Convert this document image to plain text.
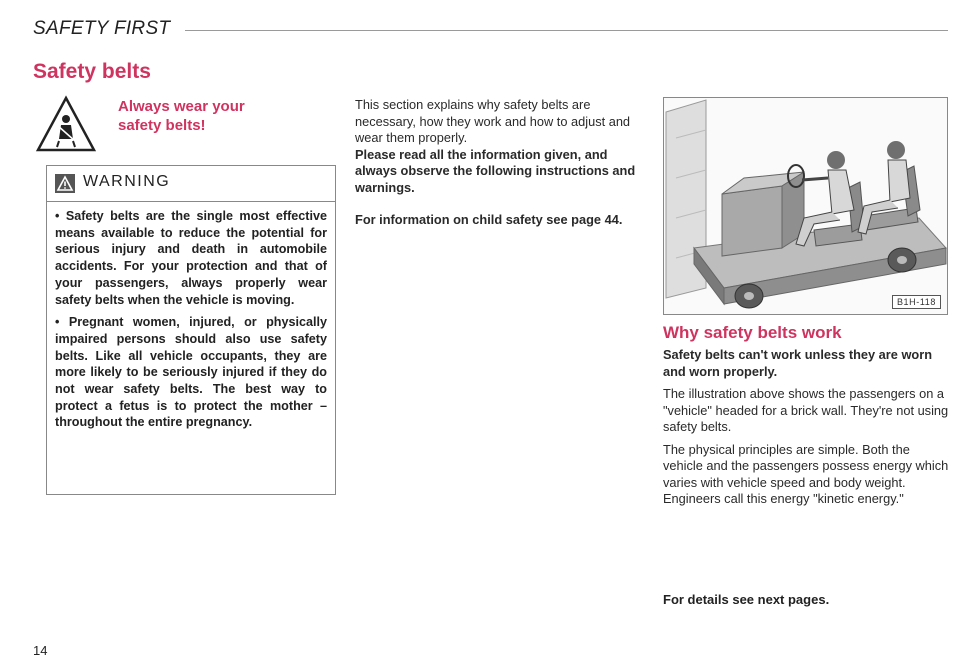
SAFETY FIRST
Safety belts
Always wear your
safety belts!
WARNING

• Safety belts are the single most effective means available to reduce the potential for serious injury and death in automobile accidents. For your protection and that of your passengers, always properly wear safety belts when the vehicle is moving.

• Pregnant women, injured, or physically impaired persons should also use safety belts. Like all vehicle occupants, they are more likely to be seriously injured if they do not wear safety belts. The best way to protect a fetus is to protect the mother – throughout the entire pregnancy.

This section explains why safety belts are necessary, how they work and how to adjust and wear them properly.

Please read all the information given, and always observe the following instructions and warnings.

For information on child safety see page 44.

B1H-118
Why safety belts work

Safety belts can't work unless they are worn and worn properly.

The illustration above shows the passengers on a "vehicle" headed for a brick wall. They're not using safety belts.

The physical principles are simple. Both the vehicle and the passengers possess energy which varies with vehicle speed and body weight. Engineers call this energy "kinetic energy."

For details see next pages.
14
